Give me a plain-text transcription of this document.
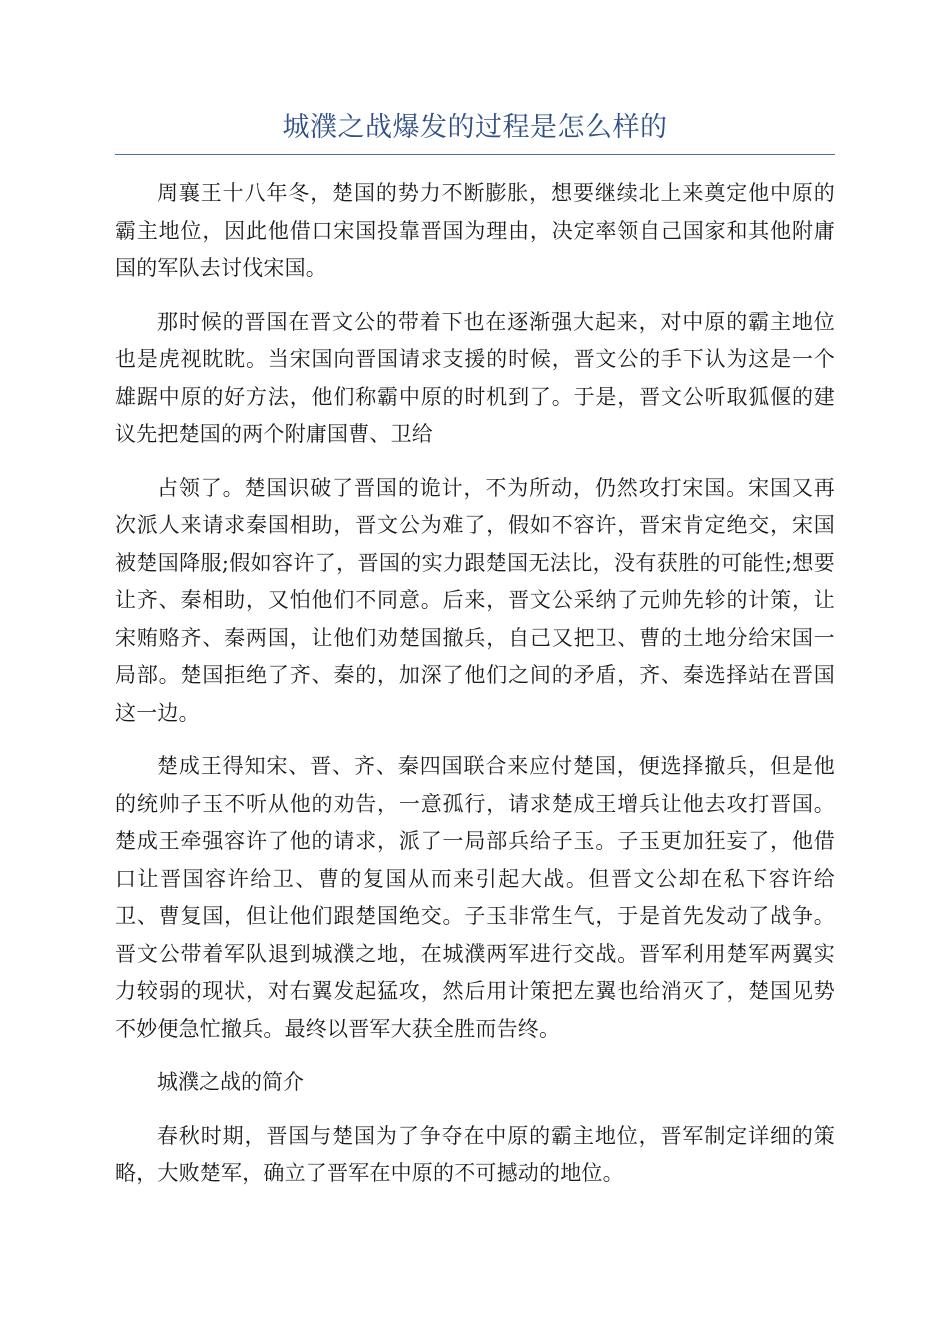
城濮之战爆发的过程是怎么样的

周襄王十八年冬，楚国的势力不断膨胀，想要继续北上来奠定他中原的霸主地位，因此他借口宋国投靠晋国为理由，决定率领自己国家和其他附庸国的军队去讨伐宋国。

那时候的晋国在晋文公的带着下也在逐渐强大起来，对中原的霸主地位也是虎视眈眈。当宋国向晋国请求支援的时候，晋文公的手下认为这是一个雄踞中原的好方法，他们称霸中原的时机到了。于是，晋文公听取狐偃的建议先把楚国的两个附庸国曹、卫给

占领了。楚国识破了晋国的诡计，不为所动，仍然攻打宋国。宋国又再次派人来请求秦国相助，晋文公为难了，假如不容许，晋宋肯定绝交，宋国被楚国降服;假如容许了，晋国的实力跟楚国无法比，没有获胜的可能性;想要让齐、秦相助，又怕他们不同意。后来，晋文公采纳了元帅先轸的计策，让宋贿赂齐、秦两国，让他们劝楚国撤兵，自己又把卫、曹的土地分给宋国一局部。楚国拒绝了齐、秦的，加深了他们之间的矛盾，齐、秦选择站在晋国这一边。

楚成王得知宋、晋、齐、秦四国联合来应付楚国，便选择撤兵，但是他的统帅子玉不听从他的劝告，一意孤行，请求楚成王增兵让他去攻打晋国。楚成王牵强容许了他的请求，派了一局部兵给子玉。子玉更加狂妄了，他借口让晋国容许给卫、曹的复国从而来引起大战。但晋文公却在私下容许给卫、曹复国，但让他们跟楚国绝交。子玉非常生气，于是首先发动了战争。晋文公带着军队退到城濮之地，在城濮两军进行交战。晋军利用楚军两翼实力较弱的现状，对右翼发起猛攻，然后用计策把左翼也给消灭了，楚国见势不妙便急忙撤兵。最终以晋军大获全胜而告终。

城濮之战的简介

春秋时期，晋国与楚国为了争夺在中原的霸主地位，晋军制定详细的策略，大败楚军，确立了晋军在中原的不可撼动的地位。
